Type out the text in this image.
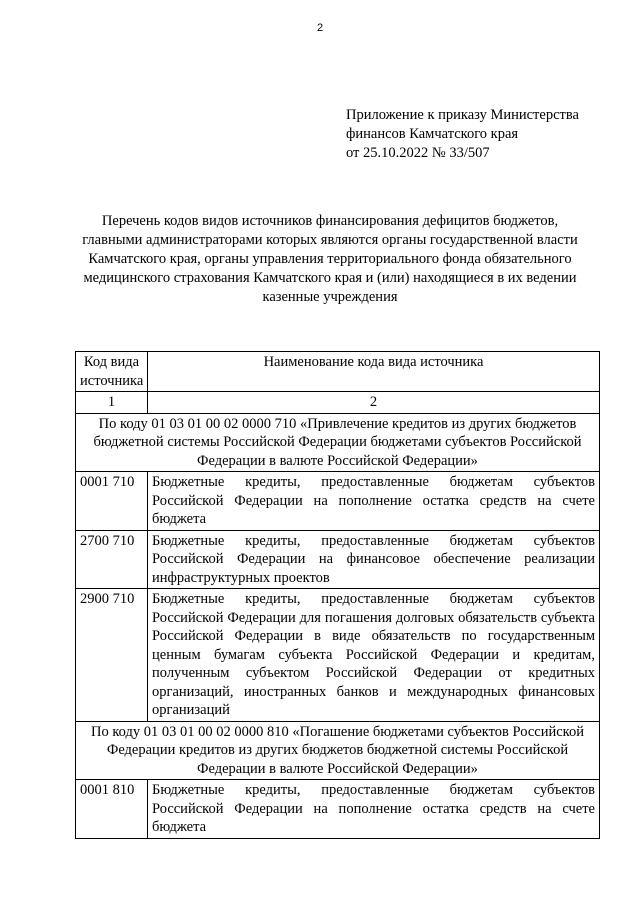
2
Приложение к приказу Министерства
финансов Камчатского края
от 25.10.2022 № 33/507
Перечень кодов видов источников финансирования дефицитов бюджетов,
главными администраторами которых являются органы государственной власти
Камчатского края, органы управления территориального фонда обязательного
медицинского страхования Камчатского края и (или) находящиеся в их ведении
казенные учреждения
Код вида источника	Наименование кода вида источника
1	2
По коду 01 03 01 00 02 0000 710 «Привлечение кредитов из других бюджетов бюджетной системы Российской Федерации бюджетами субъектов Российской Федерации в валюте Российской Федерации»	
0001 710	Бюджетные кредиты, предоставленные бюджетам субъектов Российской Федерации на пополнение остатка средств на счете бюджета
2700 710	Бюджетные кредиты, предоставленные бюджетам субъектов Российской Федерации на финансовое обеспечение реализации инфраструктурных проектов
2900 710	Бюджетные кредиты, предоставленные бюджетам субъектов Российской Федерации для погашения долговых обязательств субъекта Российской Федерации в виде обязательств по государственным ценным бумагам субъекта Российской Федерации и кредитам, полученным субъектом Российской Федерации от кредитных организаций, иностранных банков и международных финансовых организаций
По коду 01 03 01 00 02 0000 810 «Погашение бюджетами субъектов Российской Федерации кредитов из других бюджетов бюджетной системы Российской Федерации в валюте Российской Федерации»	
0001 810	Бюджетные кредиты, предоставленные бюджетам субъектов Российской Федерации на пополнение остатка средств на счете бюджета
